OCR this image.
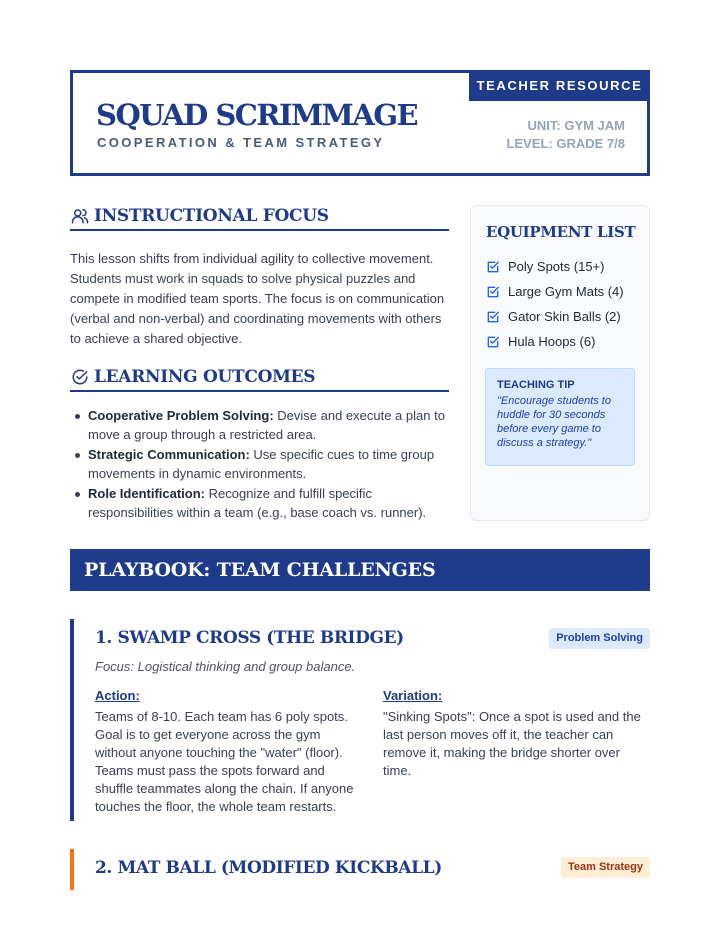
TEACHER RESOURCE
SQUAD SCRIMMAGE
COOPERATION & TEAM STRATEGY
UNIT: GYM JAM
LEVEL: GRADE 7/8
INSTRUCTIONAL FOCUS
This lesson shifts from individual agility to collective movement. Students must work in squads to solve physical puzzles and compete in modified team sports. The focus is on communication (verbal and non-verbal) and coordinating movements with others to achieve a shared objective.
LEARNING OUTCOMES
Cooperative Problem Solving: Devise and execute a plan to move a group through a restricted area.
Strategic Communication: Use specific cues to time group movements in dynamic environments.
Role Identification: Recognize and fulfill specific responsibilities within a team (e.g., base coach vs. runner).
EQUIPMENT LIST
Poly Spots (15+)
Large Gym Mats (4)
Gator Skin Balls (2)
Hula Hoops (6)
TEACHING TIP
"Encourage students to huddle for 30 seconds before every game to discuss a strategy."
PLAYBOOK: TEAM CHALLENGES
1. SWAMP CROSS (THE BRIDGE)	Problem Solving
Focus: Logistical thinking and group balance.
Action:
Teams of 8-10. Each team has 6 poly spots. Goal is to get everyone across the gym without anyone touching the "water" (floor). Teams must pass the spots forward and shuffle teammates along the chain. If anyone touches the floor, the whole team restarts.
Variation:
"Sinking Spots": Once a spot is used and the last person moves off it, the teacher can remove it, making the bridge shorter over time.
2. MAT BALL (MODIFIED KICKBALL)	Team Strategy
